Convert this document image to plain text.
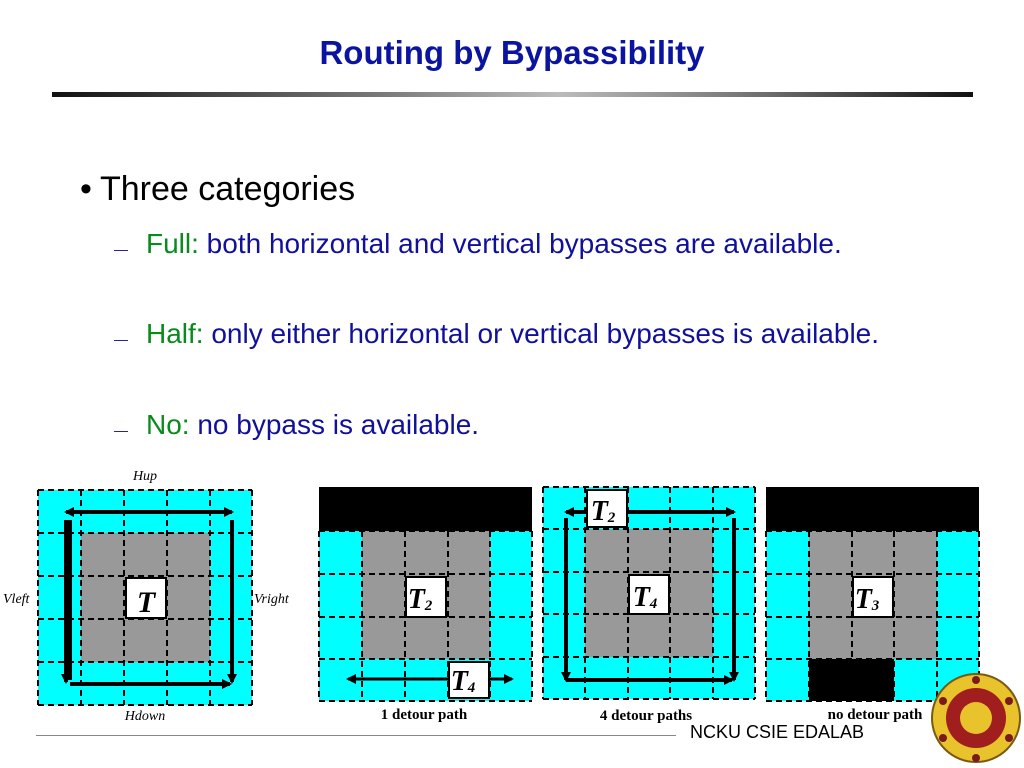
Routing by Bypassibility
• Three categories
— Full: both horizontal and vertical bypasses are available.
— Half: only either horizontal or vertical bypasses is available.
— No: no bypass is available.
Hup
Hdown
Vleft	Vright
T	T2
T4
1 detour path
T2
T4
4 detour paths
T3
no detour path
NCKU CSIE EDALAB
